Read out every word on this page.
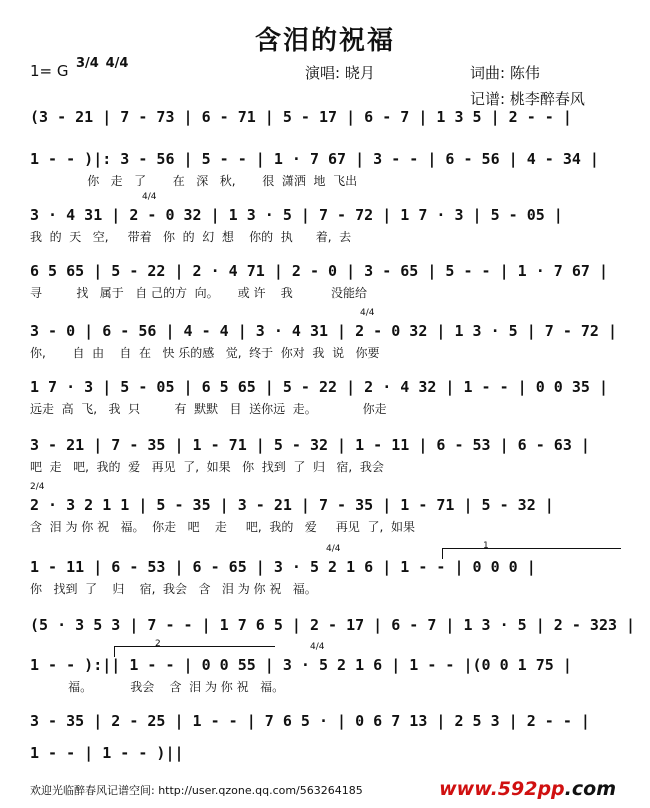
含泪的祝福
1= G 3/4 4/4
演唱: 晓月	词曲: 陈伟
记谱: 桃李醉春风
(3 - 21 | 7 - 73 | 6 - 71 | 5 - 17 | 6 - 7 | 1 3 5 | 2 - - |
1 - - )|: 3 - 56 | 5 - - | 1 · 7 67 | 3 - - | 6 - 56 | 4 - 34 |
你   走   了       在   深   秋,       很  潇洒  地  飞出
4/4
3 · 4 31 | 2 - 0 32 | 1 3 · 5 | 7 - 72 | 1 7 · 3 | 5 - 05 |
我  的  天   空,     带着   你  的  幻  想    你的  执      着,  去
6 5 65 | 5 - 22 | 2 · 4 71 | 2 - 0 | 3 - 65 | 5 - - | 1 · 7 67 |
寻         找   属于   自 己的方  向。     或 许    我          没能给
4/4
3 - 0 | 6 - 56 | 4 - 4 | 3 · 4 31 | 2 - 0 32 | 1 3 · 5 | 7 - 72 |
你,       自  由    自  在   快 乐的感   觉,  终于  你对  我  说   你要
1 7 · 3 | 5 - 05 | 6 5 65 | 5 - 22 | 2 · 4 32 | 1 - - | 0 0 35 |
远走  高  飞,   我  只         有  默默   目  送你远  走。            你走
3 - 21 | 7 - 35 | 1 - 71 | 5 - 32 | 1 - 11 | 6 - 53 | 6 - 63 |
吧  走   吧,  我的  爱   再见  了,  如果   你  找到  了  归   宿,  我会
2/4
2 · 3 2 1 1 | 5 - 35 | 3 - 21 | 7 - 35 | 1 - 71 | 5 - 32 |
含  泪 为 你 祝   福。  你走   吧    走     吧,  我的   爱     再见  了,  如果
4/4	1
1 - 11 | 6 - 53 | 6 - 65 | 3 · 5 2 1 6 | 1 - - | 0 0 0 |
你   找到  了    归    宿,  我会   含   泪 为 你 祝   福。
(5 · 3 5 3 | 7 - - | 1 7 6 5 | 2 - 17 | 6 - 7 | 1 3 · 5 | 2 - 323 |
2	4/4
1 - - ):|| 1 - - | 0 0 55 | 3 · 5 2 1 6 | 1 - - |(0 0 1 75 |
福。          我会    含  泪 为 你 祝   福。
3 - 35 | 2 - 25 | 1 - - | 7 6 5 · | 0 6 7 13 | 2 5 3 | 2 - - |
1 - - | 1 - - )||
欢迎光临醉春风记谱空间: http://user.qzone.qq.com/563264185	www.592pp.com
